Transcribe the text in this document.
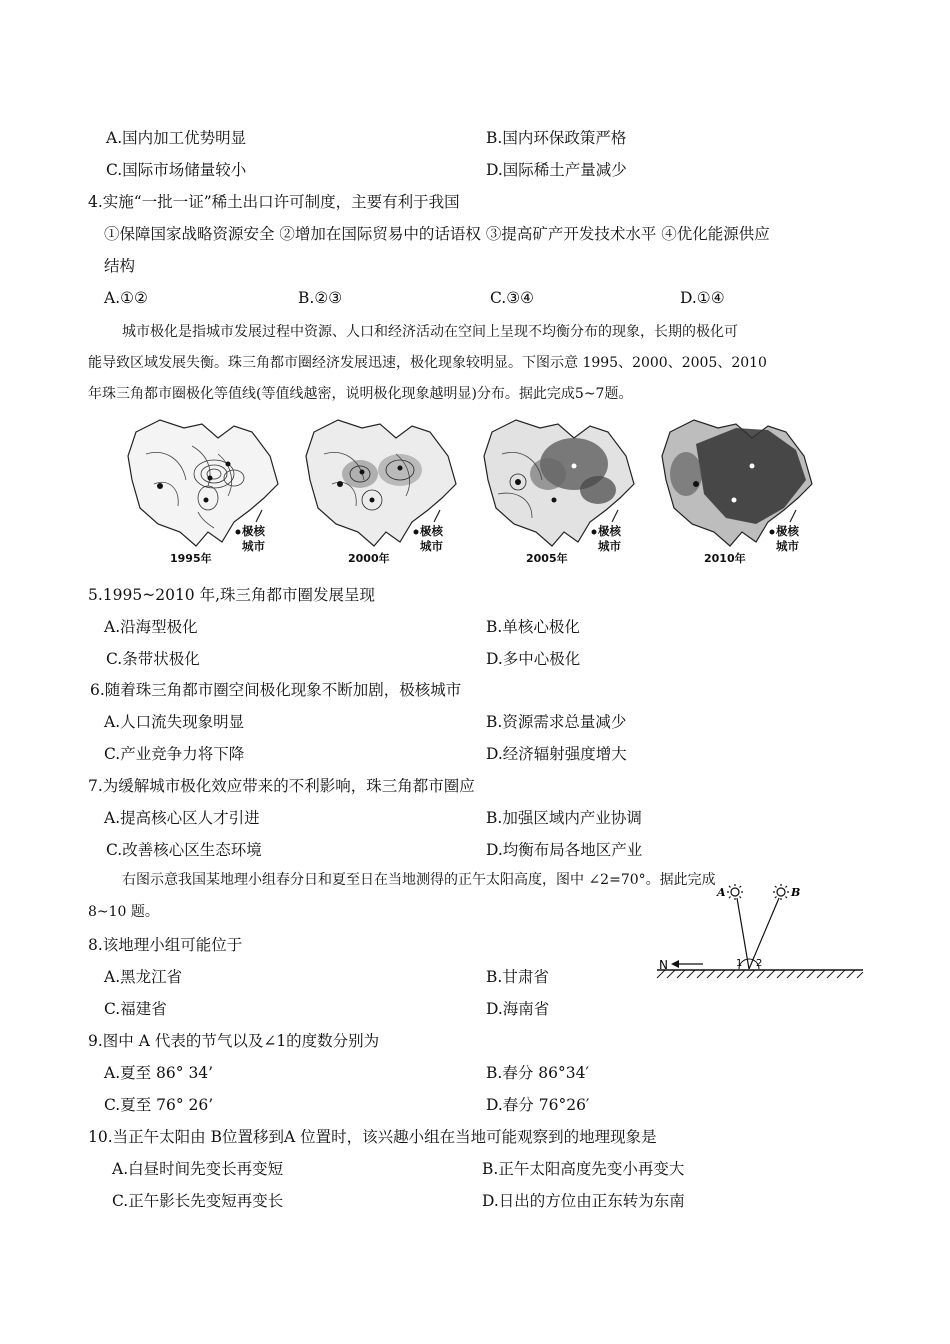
A.国内加工优势明显	B.国内环保政策严格
C.国际市场储量较小	D.国际稀土产量减少
4.实施“一批一证”稀土出口许可制度，主要有利于我国
①保障国家战略资源安全 ②增加在国际贸易中的话语权 ③提高矿产开发技术水平 ④优化能源供应
结构
A.①②	B.②③	C.③④	D.①④
城市极化是指城市发展过程中资源、人口和经济活动在空间上呈现不均衡分布的现象，长期的极化可
能导致区域发展失衡。珠三角都市圈经济发展迅速，极化现象较明显。下图示意 1995、2000、2005、2010
年珠三角都市圈极化等值线(等值线越密，说明极化现象越明显)分布。据此完成5~7题。
1995年
极核
城市
2000年
极核
城市
2005年
极核
城市
2010年
极核
城市
5.1995~2010 年,珠三角都市圈发展呈现
A.沿海型极化	B.单核心极化
C.条带状极化	D.多中心极化
6.随着珠三角都市圈空间极化现象不断加剧，极核城市
A.人口流失现象明显	B.资源需求总量减少
C.产业竞争力将下降	D.经济辐射强度增大
7.为缓解城市极化效应带来的不利影响，珠三角都市圈应
A.提高核心区人才引进	B.加强区域内产业协调
C.改善核心区生态环境	D.均衡布局各地区产业
右图示意我国某地理小组春分日和夏至日在当地测得的正午太阳高度，图中 ∠2=70°。据此完成
8~10 题。
N	1 2
A	B
8.该地理小组可能位于
A.黑龙江省	B.甘肃省
C.福建省	D.海南省
9.图中 A 代表的节气以及∠1的度数分别为
A.夏至 86° 34’	B.春分 86°34′
C.夏至 76° 26’	D.春分 76°26′
10.当正午太阳由 B位置移到A 位置时，该兴趣小组在当地可能观察到的地理现象是
A.白昼时间先变长再变短	B.正午太阳高度先变小再变大
C.正午影长先变短再变长	D.日出的方位由正东转为东南
